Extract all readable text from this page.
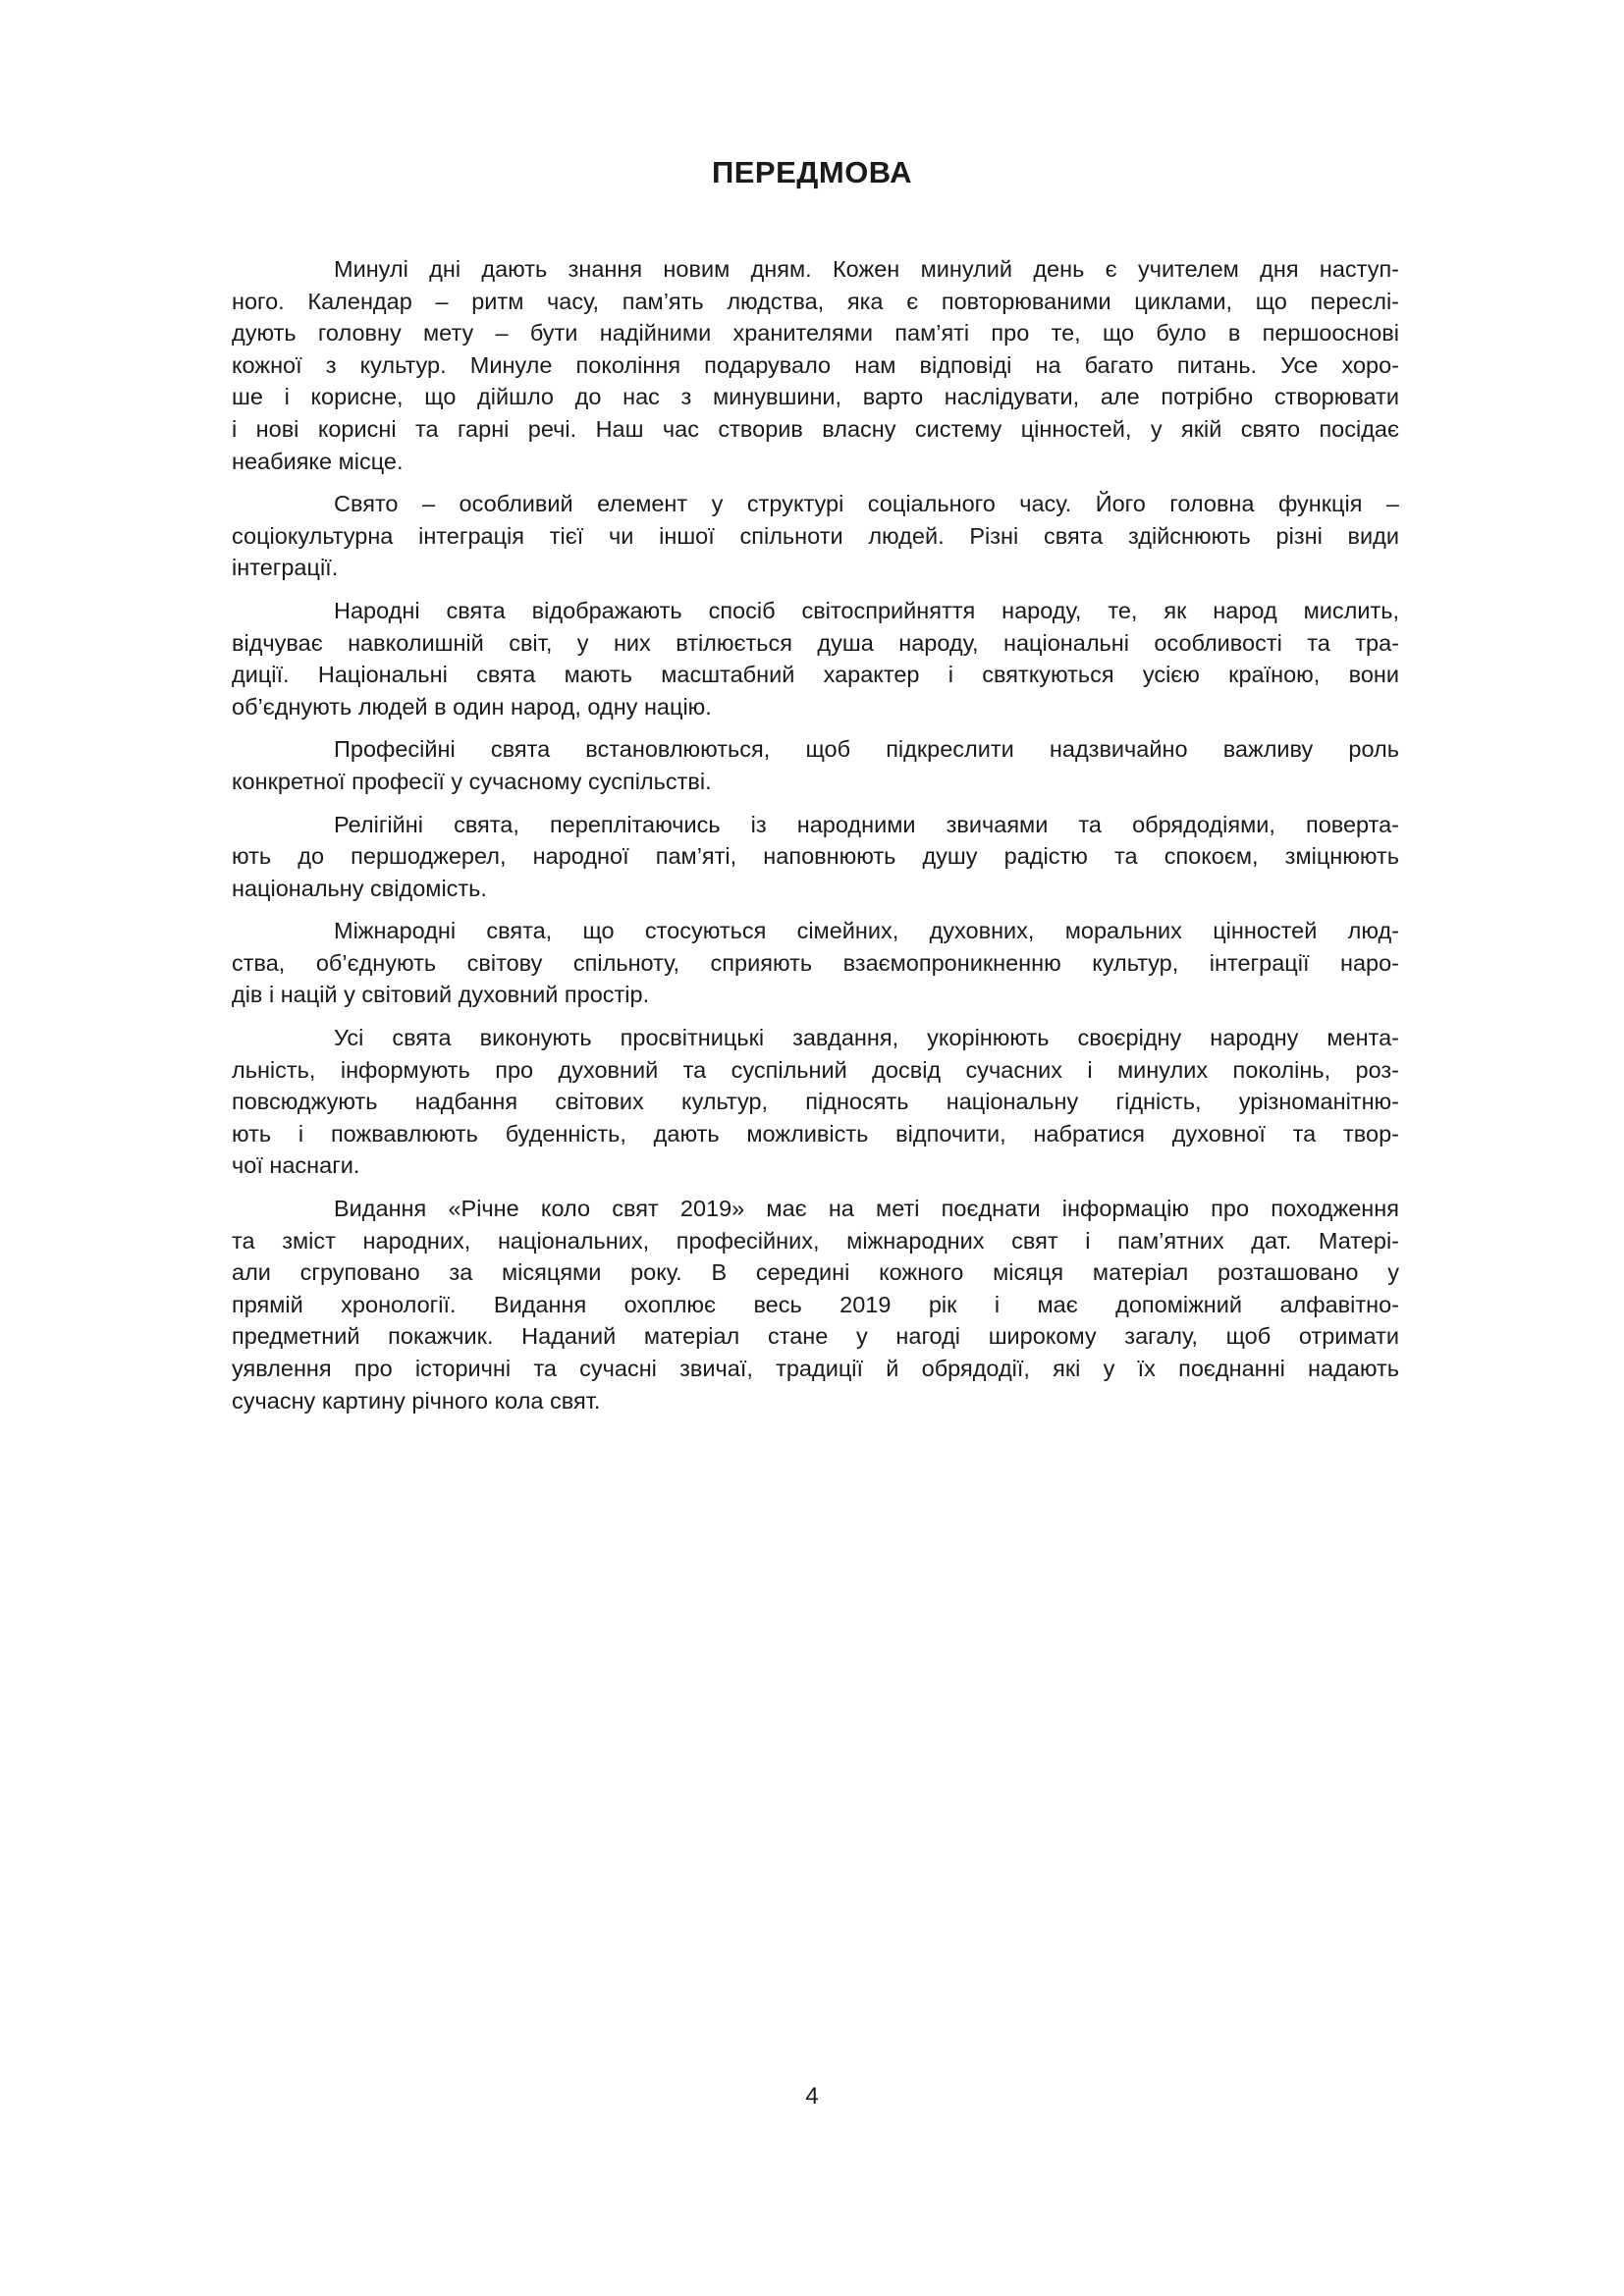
ПЕРЕДМОВА
Минулі дні дають знання новим дням. Кожен минулий день є учителем дня наступ-
ного. Календар – ритм часу, пам’ять людства, яка є повторюваними циклами, що переслі-
дують головну мету – бути надійними хранителями пам’яті про те, що було в першооснові
кожної з культур. Минуле покоління подарувало нам відповіді на багато питань. Усе хоро-
ше і корисне, що дійшло до нас з минувшини, варто наслідувати, але потрібно створювати
і нові корисні та гарні речі. Наш час створив власну систему цінностей, у якій свято посідає
неабияке місце.
Свято – особливий елемент у структурі соціального часу. Його головна функція –
соціокультурна інтеграція тієї чи іншої спільноти людей. Різні свята здійснюють різні види
інтеграції.
Народні свята відображають спосіб світосприйняття народу, те, як народ мислить,
відчуває навколишній світ, у них втілюється душа народу, національні особливості та тра-
диції. Національні свята мають масштабний характер і святкуються усією країною, вони
об’єднують людей в один народ, одну націю.
Професійні свята встановлюються, щоб підкреслити надзвичайно важливу роль
конкретної професії у сучасному суспільстві.
Релігійні свята, переплітаючись із народними звичаями та обрядодіями, поверта-
ють до першоджерел, народної пам’яті, наповнюють душу радістю та спокоєм, зміцнюють
національну свідомість.
Міжнародні свята, що стосуються сімейних, духовних, моральних цінностей люд-
ства, об’єднують світову спільноту, сприяють взаємопроникненню культур, інтеграції наро-
дів і націй у світовий духовний простір.
Усі свята виконують просвітницькі завдання, укорінюють своєрідну народну мента-
льність, інформують про духовний та суспільний досвід сучасних і минулих поколінь, роз-
повсюджують надбання світових культур, підносять національну гідність, урізноманітню-
ють і пожвавлюють буденність, дають можливість відпочити, набратися духовної та твор-
чої наснаги.
Видання «Річне коло свят 2019» має на меті поєднати інформацію про походження
та зміст народних, національних, професійних, міжнародних свят і пам’ятних дат. Матері-
али сгруповано за місяцями року. В середині кожного місяця матеріал розташовано у
прямій хронології. Видання охоплює весь 2019 рік і має допоміжний алфавітно-
предметний покажчик. Наданий матеріал стане у нагоді широкому загалу, щоб отримати
уявлення про історичні та сучасні звичаї, традиції й обрядодії, які у їх поєднанні надають
сучасну картину річного кола свят.
4
